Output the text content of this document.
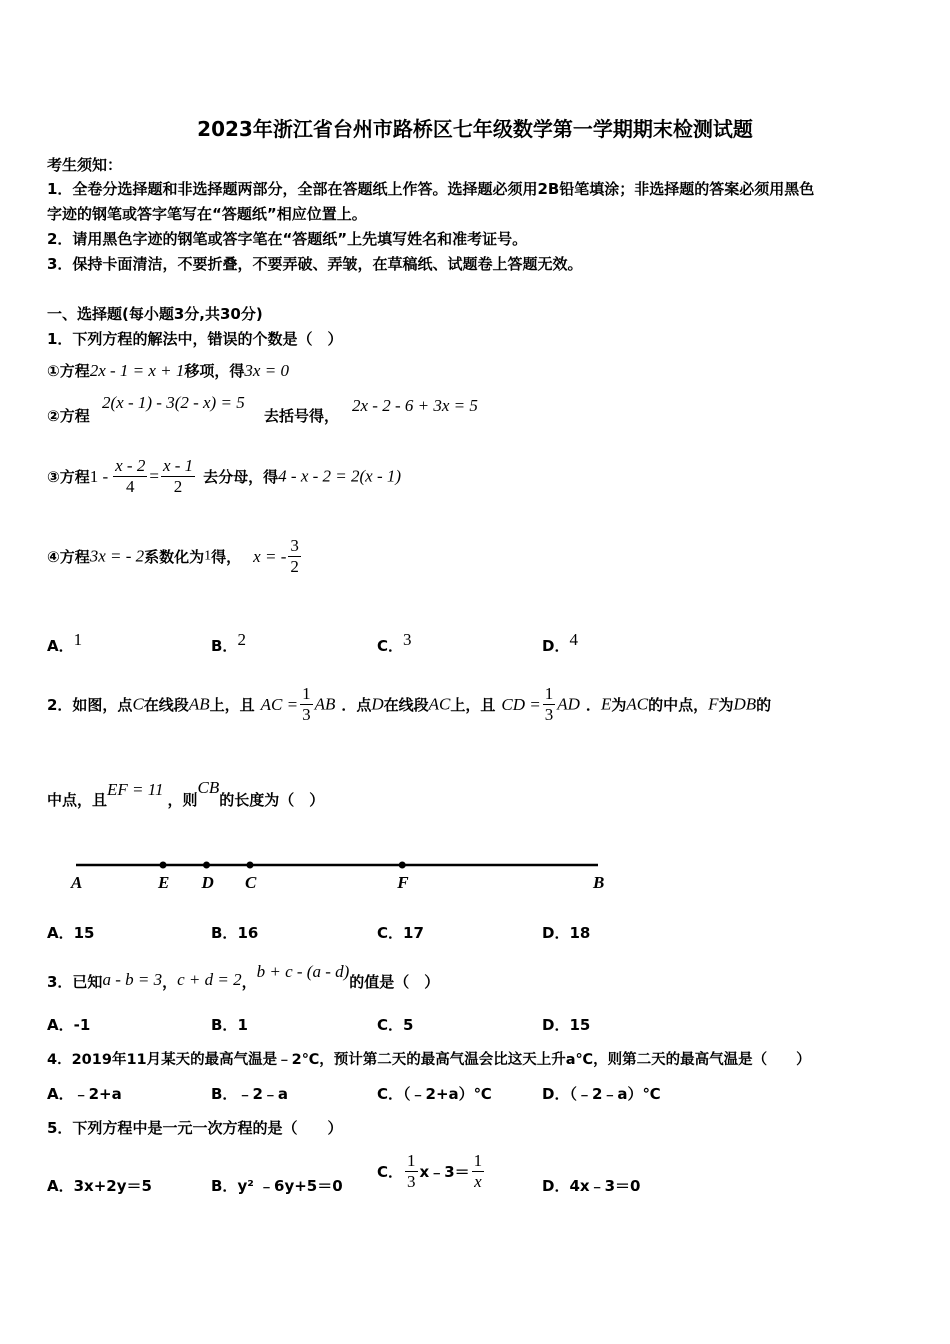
2023年浙江省台州市路桥区七年级数学第一学期期末检测试题
考生须知：
1．全卷分选择题和非选择题两部分，全部在答题纸上作答。选择题必须用2B铅笔填涂；非选择题的答案必须用黑色
字迹的钢笔或答字笔写在“答题纸”相应位置上。
2．请用黑色字迹的钢笔或答字笔在“答题纸”上先填写姓名和准考证号。
3．保持卡面清洁，不要折叠，不要弄破、弄皱，在草稿纸、试题卷上答题无效。
一、选择题(每小题3分,共30分)
1．下列方程的解法中，错误的个数是（　）
①方程2x - 1 = x + 1移项，得3x = 0
②方程
2(x - 1) - 3(2 - x) = 5
去括号得，
2x - 2 - 6 + 3x = 5
③方程$1 - \frac{x - 2}{4} = \frac{x - 1}{2}$ 去分母，得4 - x - 2 = 2(x - 1)
④方程3x = - 2系数化为1得， x = - $\frac{3}{2}$
A．$^1$	B．$^2$	C．$^3$	D．$^4$
2．如图，点C在线段AB上，且 AC = $\frac{1}{3}$ AB ．点D在线段AC上，且 CD = $\frac{1}{3}$ AD ．E为AC的中点，F为DB的
中点，且EF = 11，则CB的长度为（　）
A	E D C	F	B
A．15	B．16	C．17	D．18
3．已知a - b = 3，c + d = 2，b + c - (a - d)的值是（　）
A．-1	B．1	C．5	D．15
4．2019年11月某天的最高气温是﹣2℃，预计第二天的最高气温会比这天上升a℃，则第二天的最高气温是（　　）
A．﹣2+a	B．﹣2﹣a	C．（﹣2+a）℃	D．（﹣2﹣a）℃
5．下列方程中是一元一次方程的是（　　）
A．3x+2y＝5	B．y² ﹣6y+5＝0
C． $\frac{1}{3}$ x﹣3＝ $\frac{1}{x}$	D．4x﹣3＝0
